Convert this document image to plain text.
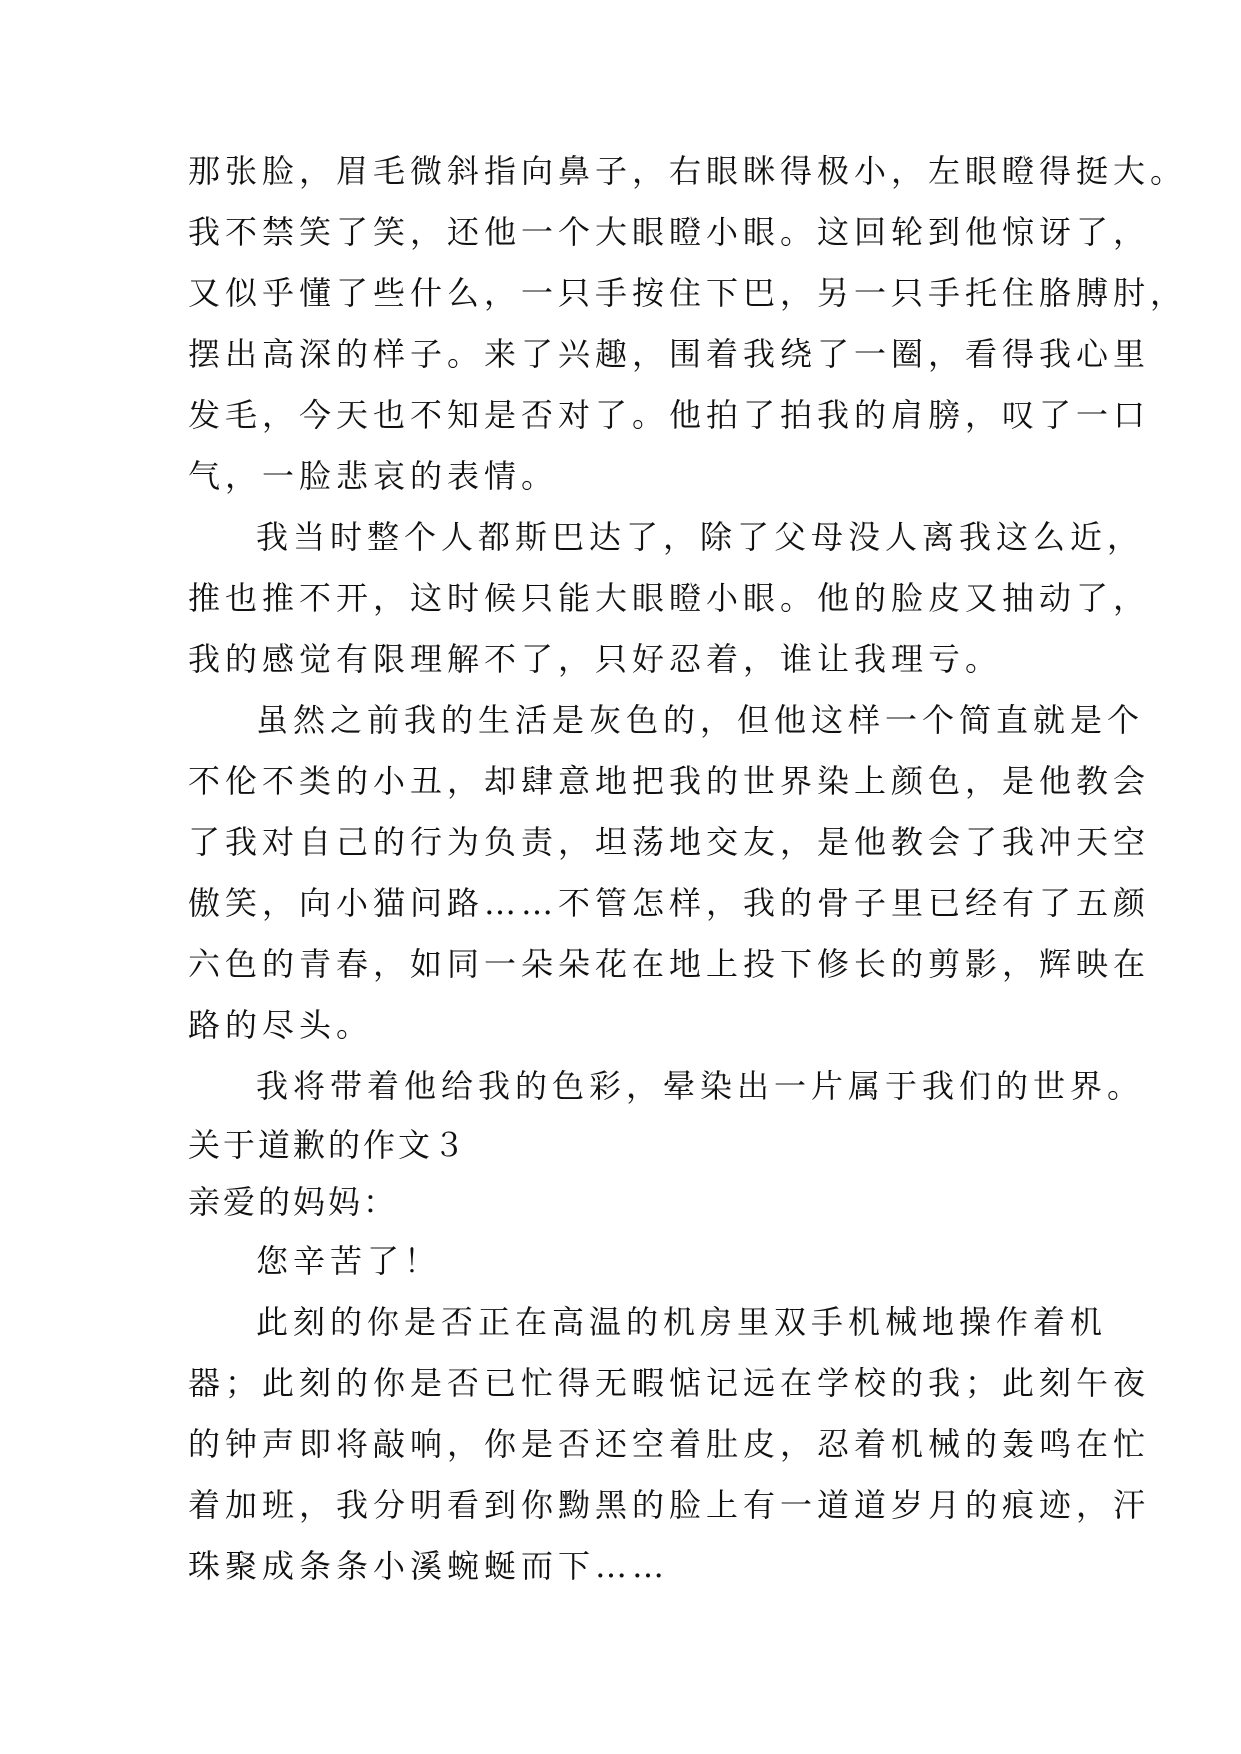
那张脸，眉毛微斜指向鼻子，右眼眯得极小，左眼瞪得挺大。
我不禁笑了笑，还他一个大眼瞪小眼。这回轮到他惊讶了，
又似乎懂了些什么，一只手按住下巴，另一只手托住胳膊肘，
摆出高深的样子。来了兴趣，围着我绕了一圈，看得我心里
发毛，今天也不知是否对了。他拍了拍我的肩膀，叹了一口
气，一脸悲哀的表情。
我当时整个人都斯巴达了，除了父母没人离我这么近，
推也推不开，这时候只能大眼瞪小眼。他的脸皮又抽动了，
我的感觉有限理解不了，只好忍着，谁让我理亏。
虽然之前我的生活是灰色的，但他这样一个简直就是个
不伦不类的小丑，却肆意地把我的世界染上颜色，是他教会
了我对自己的行为负责，坦荡地交友，是他教会了我冲天空
傲笑，向小猫问路……不管怎样，我的骨子里已经有了五颜
六色的青春，如同一朵朵花在地上投下修长的剪影，辉映在
路的尽头。
我将带着他给我的色彩，晕染出一片属于我们的世界。
关于道歉的作文３
亲爱的妈妈：
您辛苦了！
此刻的你是否正在高温的机房里双手机械地操作着机
器；此刻的你是否已忙得无暇惦记远在学校的我；此刻午夜
的钟声即将敲响，你是否还空着肚皮，忍着机械的轰鸣在忙
着加班，我分明看到你黝黑的脸上有一道道岁月的痕迹，汗
珠聚成条条小溪蜿蜒而下……
